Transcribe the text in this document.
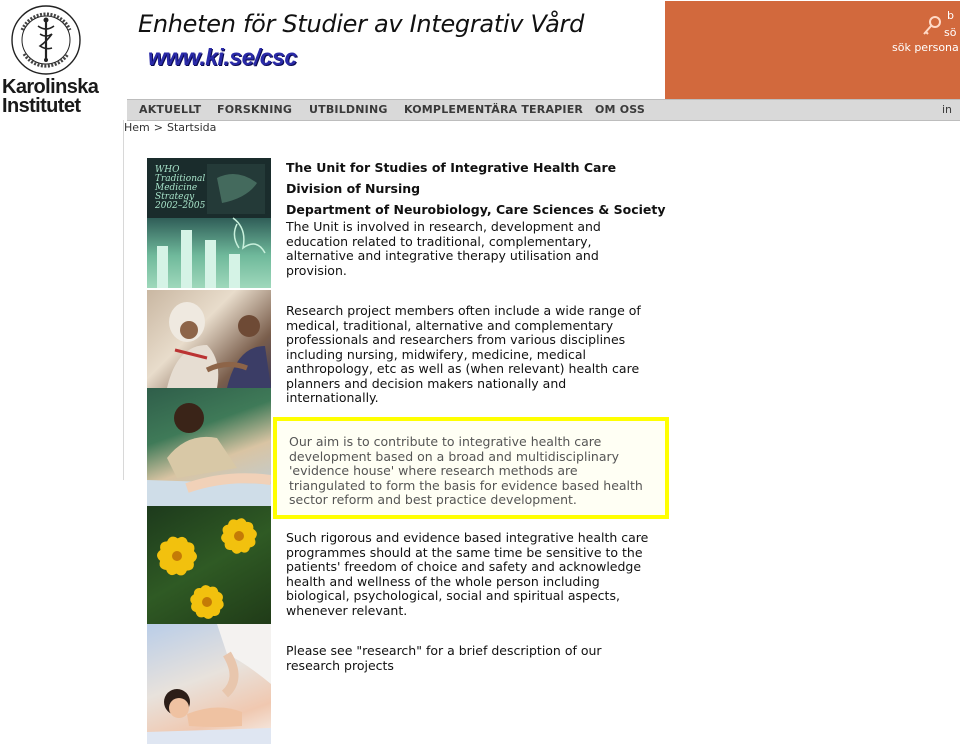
Karolinska
Institutet
Enheten för Studier av Integrativ Vård
www.ki.se/csc
b
sö
sök persona
AKTUELLT FORSKNING UTBILDNING KOMPLEMENTÄRA TERAPIER OM OSS	in
Hem > Startsida
WHO Traditional Medicine Strategy 2002–2005
The Unit for Studies of Integrative Health Care
Division of Nursing
Department of Neurobiology, Care Sciences & Society

The Unit is involved in research, development and
education related to traditional, complementary,
alternative and integrative therapy utilisation and
provision.

Research project members often include a wide range of
medical, traditional, alternative and complementary
professionals and researchers from various disciplines
including nursing, midwifery, medicine, medical
anthropology, etc as well as (when relevant) health care
planners and decision makers nationally and
internationally.

Our aim is to contribute to integrative health care
development based on a broad and multidisciplinary
'evidence house' where research methods are
triangulated to form the basis for evidence based health
sector reform and best practice development.

Such rigorous and evidence based integrative health care
programmes should at the same time be sensitive to the
patients' freedom of choice and safety and acknowledge
health and wellness of the whole person including
biological, psychological, social and spiritual aspects,
whenever relevant.

Please see "research" for a brief description of our
research projects
